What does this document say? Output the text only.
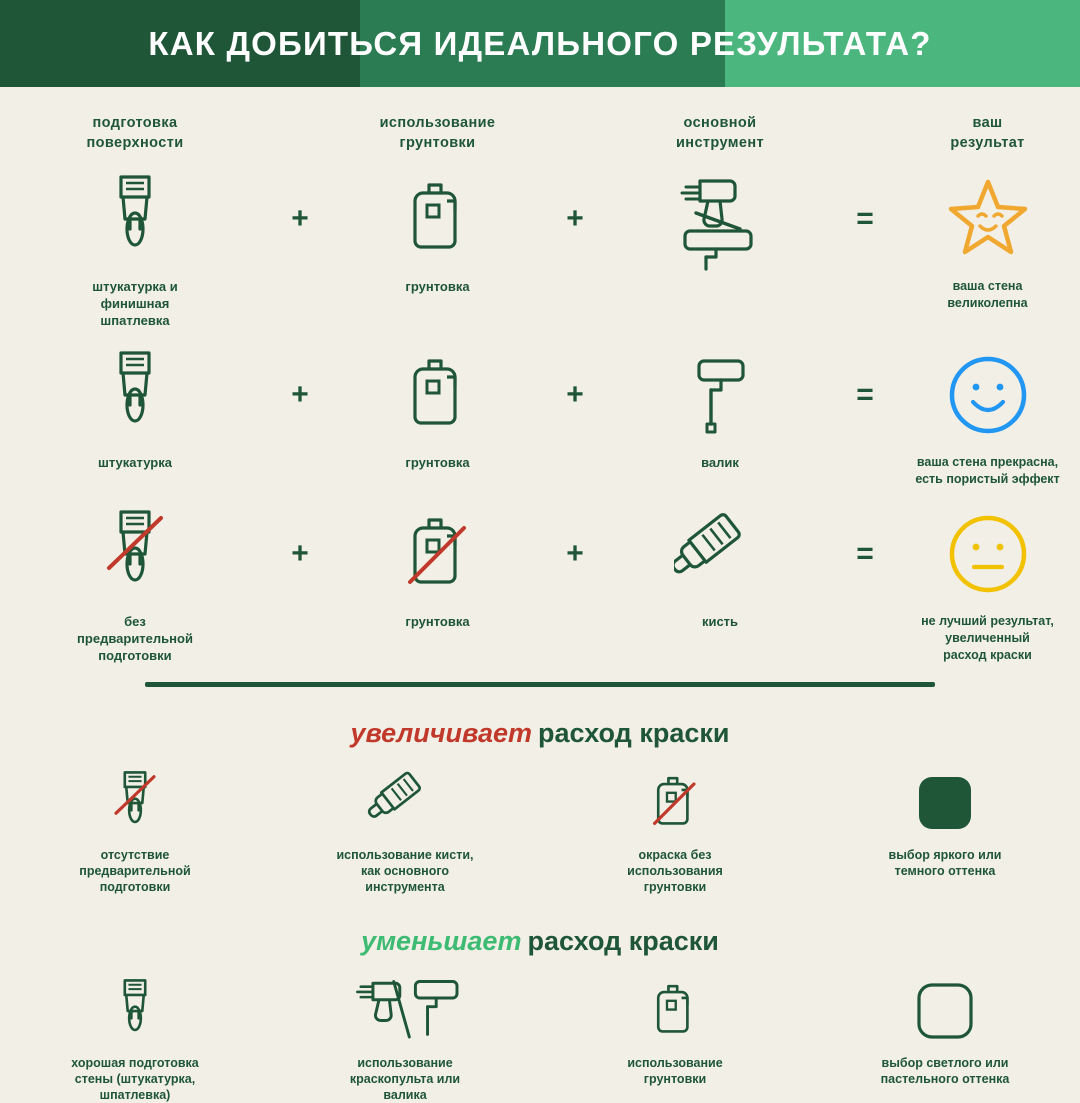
КАК ДОБИТЬСЯ ИДЕАЛЬНОГО РЕЗУЛЬТАТА?
подготовка
поверхности
использование
грунтовки
основной
инструмент
ваш
результат
штукатурка и
финишная
шпатлевка
+
грунтовка
+	=
ваша стена
великолепна
штукатурка
+
грунтовка
+
валик
=
ваша стена прекрасна,
есть пористый эффект
без
предварительной
подготовки
+
грунтовка
+
кисть
=
не лучший результат,
увеличенный
расход краски
увеличивает расход краски
отсутствие
предварительной
подготовки
использование кисти,
как основного
инструмента
окраска без
использования
грунтовки
выбор яркого или
темного оттенка
уменьшает расход краски
хорошая подготовка
стены (штукатурка,
шпатлевка)
использование
краскопульта или
валика
использование
грунтовки
выбор светлого или
пастельного оттенка
